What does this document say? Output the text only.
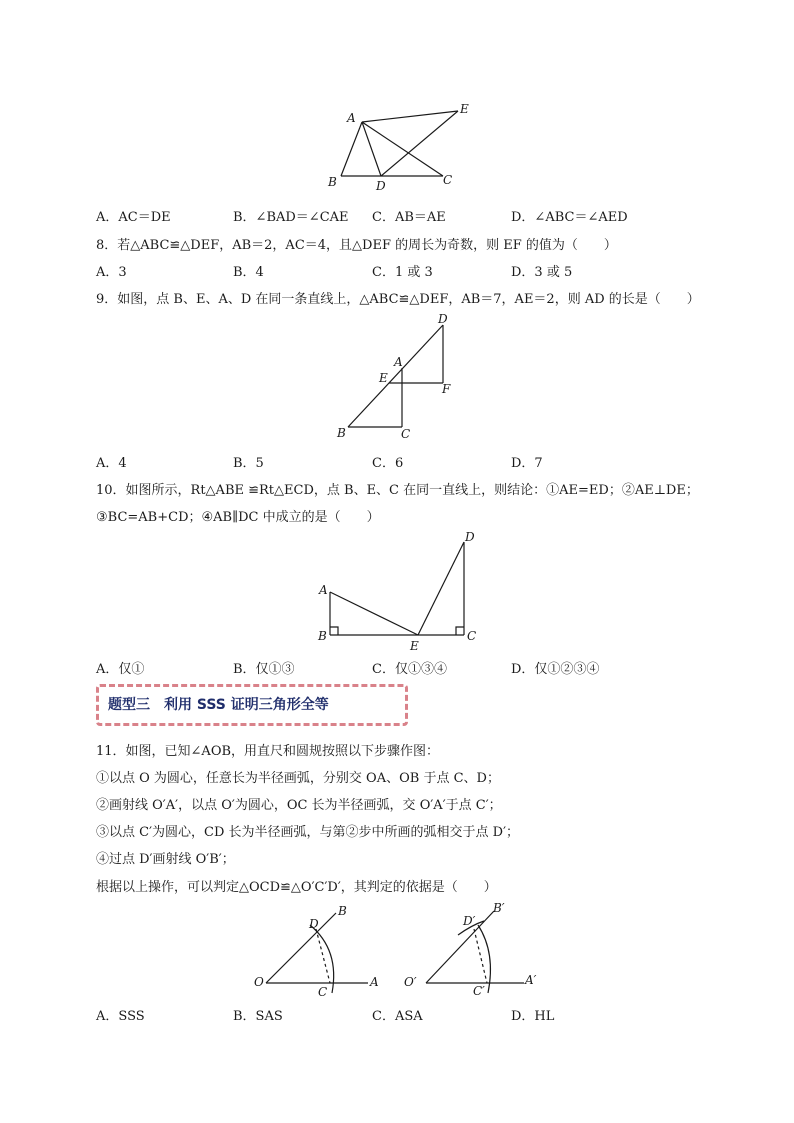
A
E
B	D	C
A．AC＝DE	B．∠BAD＝∠CAE C．AB＝AE	D．∠ABC＝∠AED
8．若△ABC≌△DEF，AB＝2，AC＝4，且△DEF 的周长为奇数，则 EF 的值为（　　）
A．3	B．4	C．1 或 3	D．3 或 5
9．如图，点 B、E、A、D 在同一条直线上，△ABC≌△DEF，AB＝7，AE＝2，则 AD 的长是（　　）
D
A
E
F
B	C
A．4	B．5	C．6	D．7
10．如图所示，Rt△ABE ≌Rt△ECD，点 B、E、C 在同一直线上，则结论：①AE=ED；②AE⊥DE；
③BC=AB+CD；④AB∥DC 中成立的是（　　）
A
D
B
E
C
A．仅①	B．仅①③	C．仅①③④	D．仅①②③④
题型三　利用 SSS 证明三角形全等
11．如图，已知∠AOB，用直尺和圆规按照以下步骤作图：
①以点 O 为圆心，任意长为半径画弧，分别交 OA、OB 于点 C、D；
②画射线 O′A′，以点 O′为圆心，OC 长为半径画弧，交 O′A′于点 C′；
③以点 C′为圆心，CD 长为半径画弧，与第②步中所画的弧相交于点 D′；
④过点 D′画射线 O′B′；
根据以上操作，可以判定△OCD≌△O′C′D′，其判定的依据是（　　）
B
D
O
C
A
B′
D′
O′
C′
A′
A．SSS	B．SAS	C．ASA	D．HL
